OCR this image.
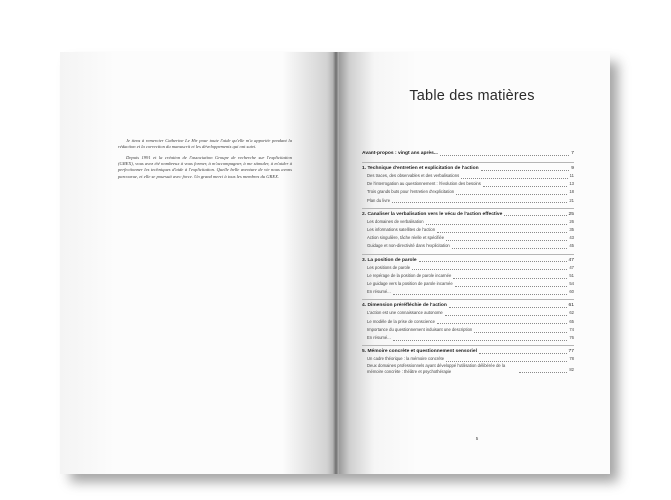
Je tiens à remercier Catherine Le Hir pour toute l'aide qu'elle m'a apportée pendant la rédaction et la correction du manuscrit et les développements qui ont suivi.

Depuis 1991 et la création de l'association Groupe de recherche sur l'explicitation (GREX), vous avez été nombreux à vous former, à m'accompagner, à me stimuler, à m'aider à perfectionner les techniques d'aide à l'explicitation. Quelle belle aventure de vie nous avons parcourue, et elle se poursuit avec force. Un grand merci à tous les membres du GREX.

Table des matières
Avant-propos : vingt ans après...	7
1. Technique d'entretien et explicitation de l'action	9
Des traces, des observables et des verbalisations	11
De l'interrogation au questionnement : l'évolution des besoins	13
Trois grands buts pour l'entretien d'explicitation	18
Plan du livre	21
2. Canaliser la verbalisation vers le vécu de l'action effective	25
Les domaines de verbalisation	26
Les informations satellites de l'action	35
Action singulière, tâche réelle et spécifiée	43
Guidage et non-directivité dans l'explicitation	45
3. La position de parole	47
Les positions de parole	47
Le repérage de la position de parole incarnée	51
Le guidage vers la position de parole incarnée	54
En résumé...	60
4. Dimension préréfléchie de l'action	61
L'action est une connaissance autonome	62
Le modèle de la prise de conscience	65
Importance du questionnement induisant une description	74
En résumé...	76
5. Mémoire concrète et questionnement sensoriel	77
Un cadre théorique : la mémoire concrète	78
Deux domaines professionnels ayant développé l'utilisation délibérée de la mémoire concrète : théâtre et psychothérapie	82
5
